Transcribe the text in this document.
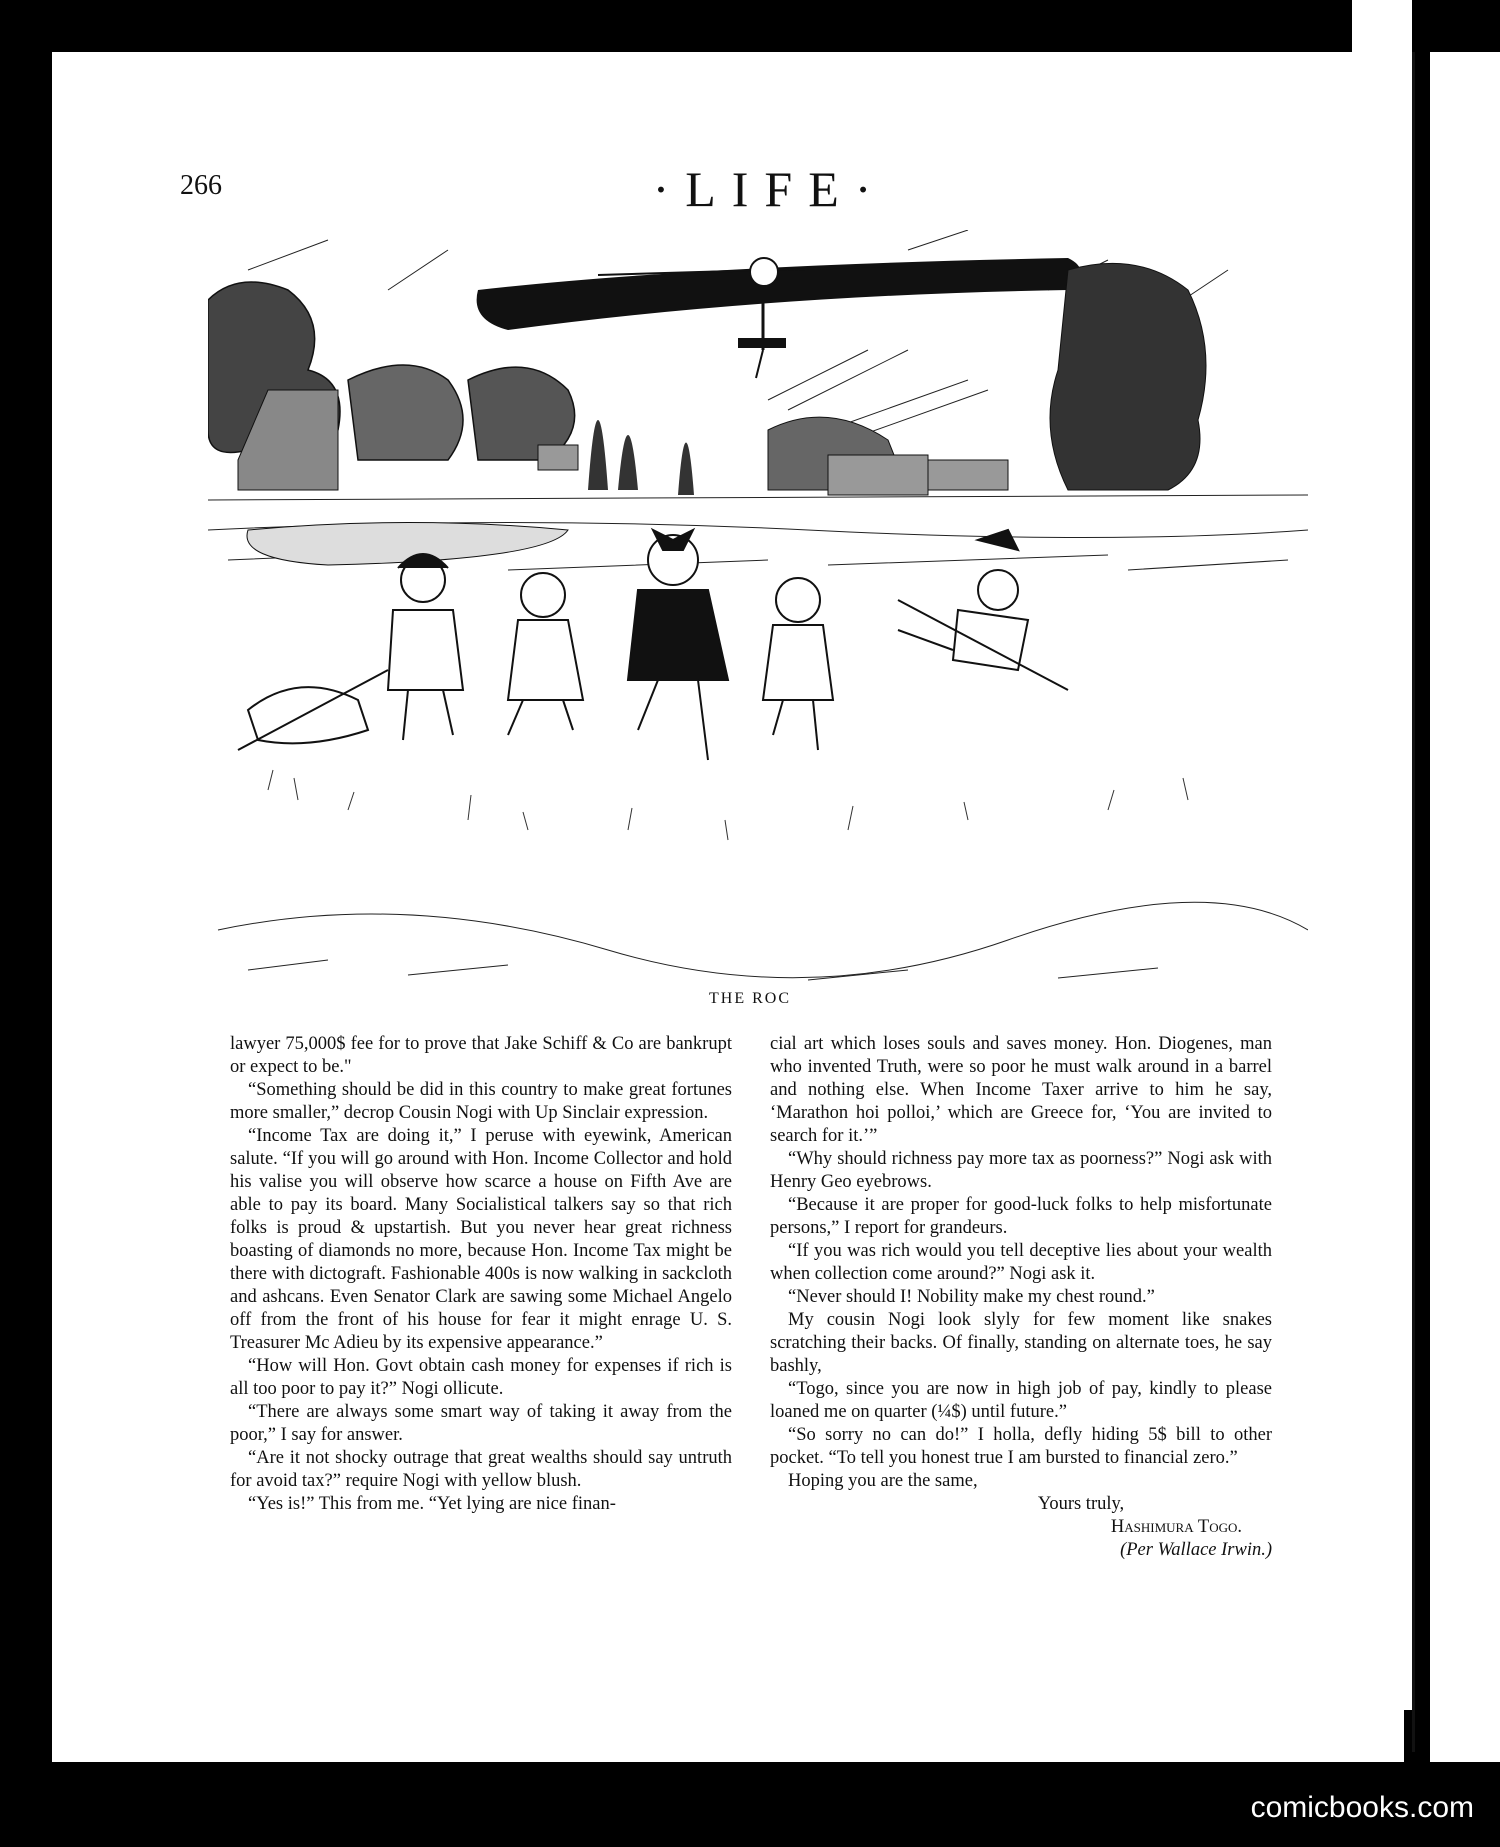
266	·LIFE·
THE ROC

lawyer 75,000$ fee for to prove that Jake Schiff & Co are bankrupt or expect to be."

“Something should be did in this country to make great fortunes more smaller,” decrop Cousin Nogi with Up Sinclair expression.

“Income Tax are doing it,” I peruse with eyewink, American salute. “If you will go around with Hon. Income Collector and hold his valise you will observe how scarce a house on Fifth Ave are able to pay its board. Many Socialistical talkers say so that rich folks is proud & upstartish. But you never hear great richness boasting of diamonds no more, because Hon. Income Tax might be there with dictograft. Fashionable 400s is now walking in sackcloth and ashcans. Even Senator Clark are sawing some Michael Angelo off from the front of his house for fear it might enrage U. S. Treasurer Mc Adieu by its expensive appearance.”

“How will Hon. Govt obtain cash money for expenses if rich is all too poor to pay it?” Nogi ollicute.

“There are always some smart way of taking it away from the poor,” I say for answer.

“Are it not shocky outrage that great wealths should say untruth for avoid tax?” require Nogi with yellow blush.

“Yes is!” This from me. “Yet lying are nice finan-

cial art which loses souls and saves money. Hon. Diogenes, man who invented Truth, were so poor he must walk around in a barrel and nothing else. When Income Taxer arrive to him he say, ‘Marathon hoi polloi,’ which are Greece for, ‘You are invited to search for it.’”

“Why should richness pay more tax as poorness?” Nogi ask with Henry Geo eyebrows.

“Because it are proper for good-luck folks to help misfortunate persons,” I report for grandeurs.

“If you was rich would you tell deceptive lies about your wealth when collection come around?” Nogi ask it.

“Never should I! Nobility make my chest round.”

My cousin Nogi look slyly for few moment like snakes scratching their backs. Of finally, standing on alternate toes, he say bashly,

“Togo, since you are now in high job of pay, kindly to please loaned me on quarter (¼$) until future.”

“So sorry no can do!” I holla, defly hiding 5$ bill to other pocket. “To tell you honest true I am bursted to financial zero.”

Hoping you are the same,

Yours truly,
Hashimura Togo.
(Per Wallace Irwin.)
comicbooks.com
